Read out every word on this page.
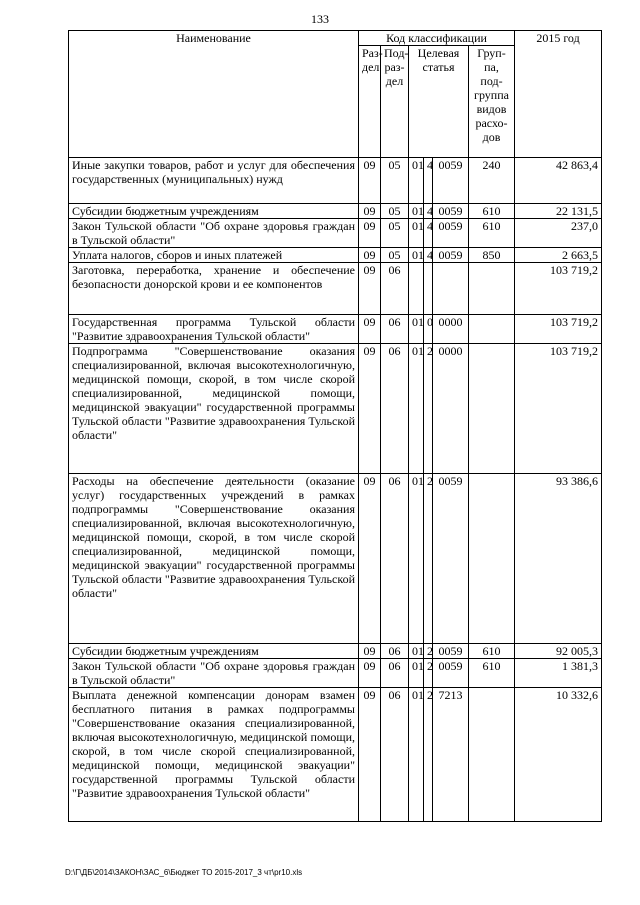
133
Наименование	Код классификации						2015 год
	Раз-дел	Под-раз-дел	Целевая статья			Груп-па, под-группа видов расхо-дов	
Иные закупки товаров, работ и услуг для обеспечения государственных (муниципальных) нужд	09	05	01	4	0059	240	42 863,4
Субсидии бюджетным учреждениям	09	05	01	4	0059	610	22 131,5
Закон Тульской области "Об охране здоровья граждан в Тульской области"	09	05	01	4	0059	610	237,0
Уплата налогов, сборов и иных платежей	09	05	01	4	0059	850	2 663,5
Заготовка, переработка, хранение и обеспечение безопасности донорской крови и ее компонентов	09	06					103 719,2
Государственная программа Тульской области "Развитие здравоохранения Тульской области"	09	06	01	0	0000		103 719,2
Подпрограмма "Совершенствование оказания специализированной, включая высокотехнологичную, медицинской помощи, скорой, в том числе скорой специализированной, медицинской помощи, медицинской эвакуации" государственной программы Тульской области "Развитие здравоохранения Тульской области"	09	06	01	2	0000		103 719,2
Расходы на обеспечение деятельности (оказание услуг) государственных учреждений в рамках подпрограммы "Совершенствование оказания специализированной, включая высокотехнологичную, медицинской помощи, скорой, в том числе скорой специализированной, медицинской помощи, медицинской эвакуации" государственной программы Тульской области "Развитие здравоохранения Тульской области"	09	06	01	2	0059		93 386,6
Субсидии бюджетным учреждениям	09	06	01	2	0059	610	92 005,3
Закон Тульской области "Об охране здоровья граждан в Тульской области"	09	06	01	2	0059	610	1 381,3
Выплата денежной компенсации донорам взамен бесплатного питания в рамках подпрограммы "Совершенствование оказания специализированной, включая высокотехнологичную, медицинской помощи, скорой, в том числе скорой специализированной, медицинской помощи, медицинской эвакуации" государственной программы Тульской области "Развитие здравоохранения Тульской области"	09	06	01	2	7213		10 332,6
D:\Г\ДБ\2014\ЗАКОН\ЗАС_6\Бюджет ТО 2015-2017_3 чт\pr10.xls
